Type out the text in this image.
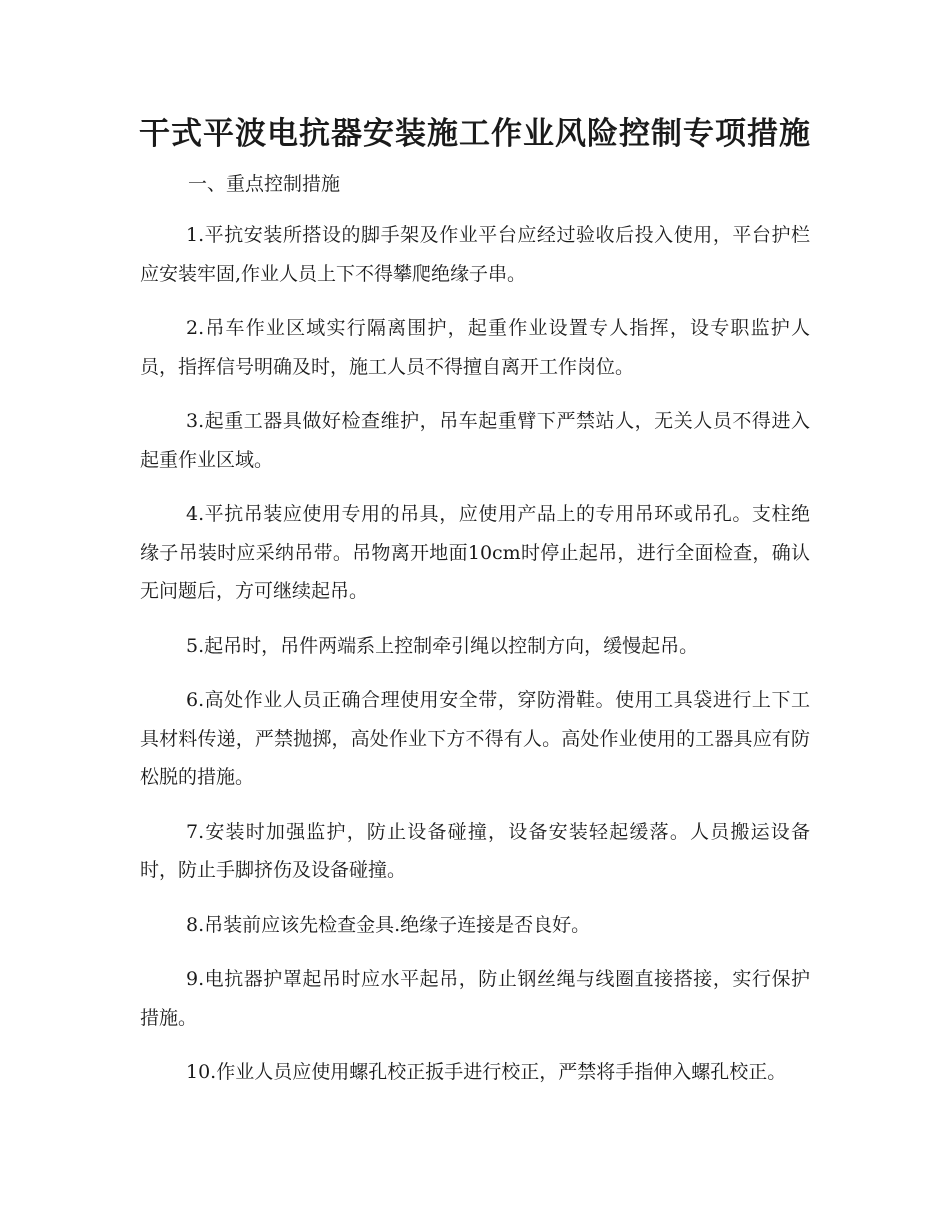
干式平波电抗器安装施工作业风险控制专项措施

一、重点控制措施

1.平抗安装所搭设的脚手架及作业平台应经过验收后投入使用，平台护栏应安装牢固,作业人员上下不得攀爬绝缘子串。

2.吊车作业区域实行隔离围护，起重作业设置专人指挥，设专职监护人员，指挥信号明确及时，施工人员不得擅自离开工作岗位。

3.起重工器具做好检查维护，吊车起重臂下严禁站人，无关人员不得进入起重作业区域。

4.平抗吊装应使用专用的吊具，应使用产品上的专用吊环或吊孔。支柱绝缘子吊装时应采纳吊带。吊物离开地面10cm时停止起吊，进行全面检查，确认无问题后，方可继续起吊。

5.起吊时，吊件两端系上控制牵引绳以控制方向，缓慢起吊。

6.高处作业人员正确合理使用安全带，穿防滑鞋。使用工具袋进行上下工具材料传递，严禁抛掷，高处作业下方不得有人。高处作业使用的工器具应有防松脱的措施。

7.安装时加强监护，防止设备碰撞，设备安装轻起缓落。人员搬运设备时，防止手脚挤伤及设备碰撞。

8.吊装前应该先检查金具.绝缘子连接是否良好。

9.电抗器护罩起吊时应水平起吊，防止钢丝绳与线圈直接搭接，实行保护措施。

10.作业人员应使用螺孔校正扳手进行校正，严禁将手指伸入螺孔校正。
